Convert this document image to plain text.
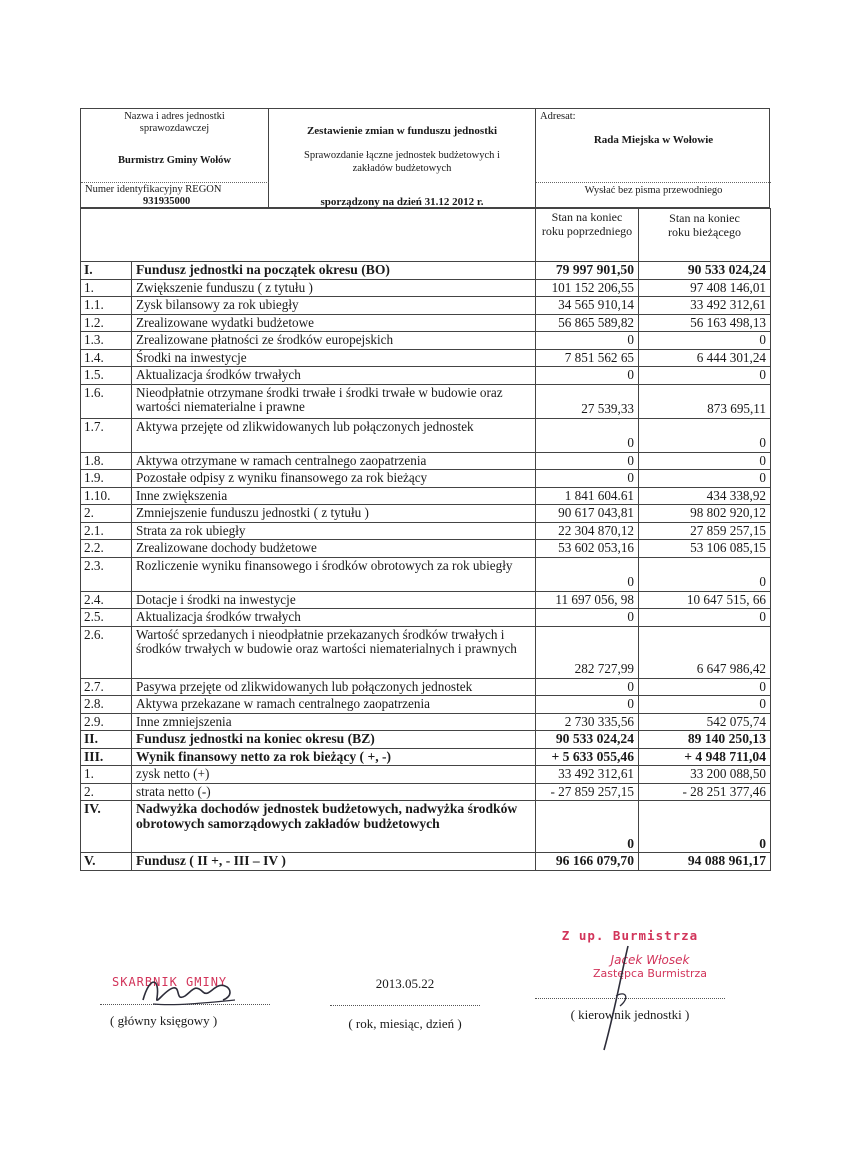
Nazwa i adres jednostki sprawozdawczej
Burmistrz Gminy Wołów
Numer identyfikacyjny REGON
931935000
Zestawienie zmian w funduszu jednostki
Sprawozdanie łączne jednostek budżetowych i zakładów budżetowych
sporządzony na dzień 31.12 2012 r.
Adresat:
Rada Miejska w Wołowie
Wysłać bez pisma przewodniego
		Stan na koniec roku poprzedniego	Stan na koniec roku bieżącego
I.	Fundusz jednostki na początek okresu (BO)	79 997 901,50	90 533 024,24
1.	Zwiększenie funduszu ( z tytułu )	101 152 206,55	97 408 146,01
1.1.	Zysk bilansowy za rok ubiegły	34 565 910,14	33 492 312,61
1.2.	Zrealizowane wydatki budżetowe	56 865 589,82	56 163 498,13
1.3.	Zrealizowane płatności ze środków europejskich	0	0
1.4.	Środki na inwestycje	7 851 562 65	6 444 301,24
1.5.	Aktualizacja środków trwałych	0	0
1.6.	Nieodpłatnie otrzymane środki trwałe i środki trwałe w budowie oraz wartości niematerialne i prawne	27 539,33	873 695,11
1.7.	Aktywa przejęte od zlikwidowanych lub połączonych jednostek	0	0
1.8.	Aktywa otrzymane w ramach centralnego zaopatrzenia	0	0
1.9.	Pozostałe odpisy z wyniku finansowego za rok bieżący	0	0
1.10.	Inne zwiększenia	1 841 604.61	434 338,92
2.	Zmniejszenie funduszu jednostki ( z tytułu )	90 617 043,81	98 802 920,12
2.1.	Strata za rok ubiegły	22 304 870,12	27 859 257,15
2.2.	Zrealizowane dochody budżetowe	53 602 053,16	53 106 085,15
2.3.	Rozliczenie wyniku finansowego i środków obrotowych za rok ubiegły	0	0
2.4.	Dotacje i środki na inwestycje	11 697 056, 98	10 647 515, 66
2.5.	Aktualizacja środków trwałych	0	0
2.6.	Wartość sprzedanych i nieodpłatnie przekazanych środków trwałych i środków trwałych w budowie oraz wartości niematerialnych i prawnych	282 727,99	6 647 986,42
2.7.	Pasywa przejęte od zlikwidowanych lub połączonych jednostek	0	0
2.8.	Aktywa przekazane w ramach centralnego zaopatrzenia	0	0
2.9.	Inne zmniejszenia	2 730 335,56	542 075,74
II.	Fundusz jednostki na koniec okresu (BZ)	90 533 024,24	89 140 250,13
III.	Wynik finansowy netto za rok bieżący ( +, -)	+ 5 633 055,46	+ 4 948 711,04
1.	zysk netto (+)	33 492 312,61	33 200 088,50
2.	strata netto (-)	- 27 859 257,15	- 28 251 377,46
IV.	Nadwyżka dochodów jednostek budżetowych, nadwyżka środków obrotowych samorządowych zakładów budżetowych	0	0
V.	Fundusz ( II +, - III – IV )	96 166 079,70	94 088 961,17
SKARBNIK GMINY
( główny księgowy )
2013.05.22
( rok, miesiąc, dzień )
Z up. Burmistrza
Jacek Włosek
Zastępca Burmistrza
( kierownik jednostki )
